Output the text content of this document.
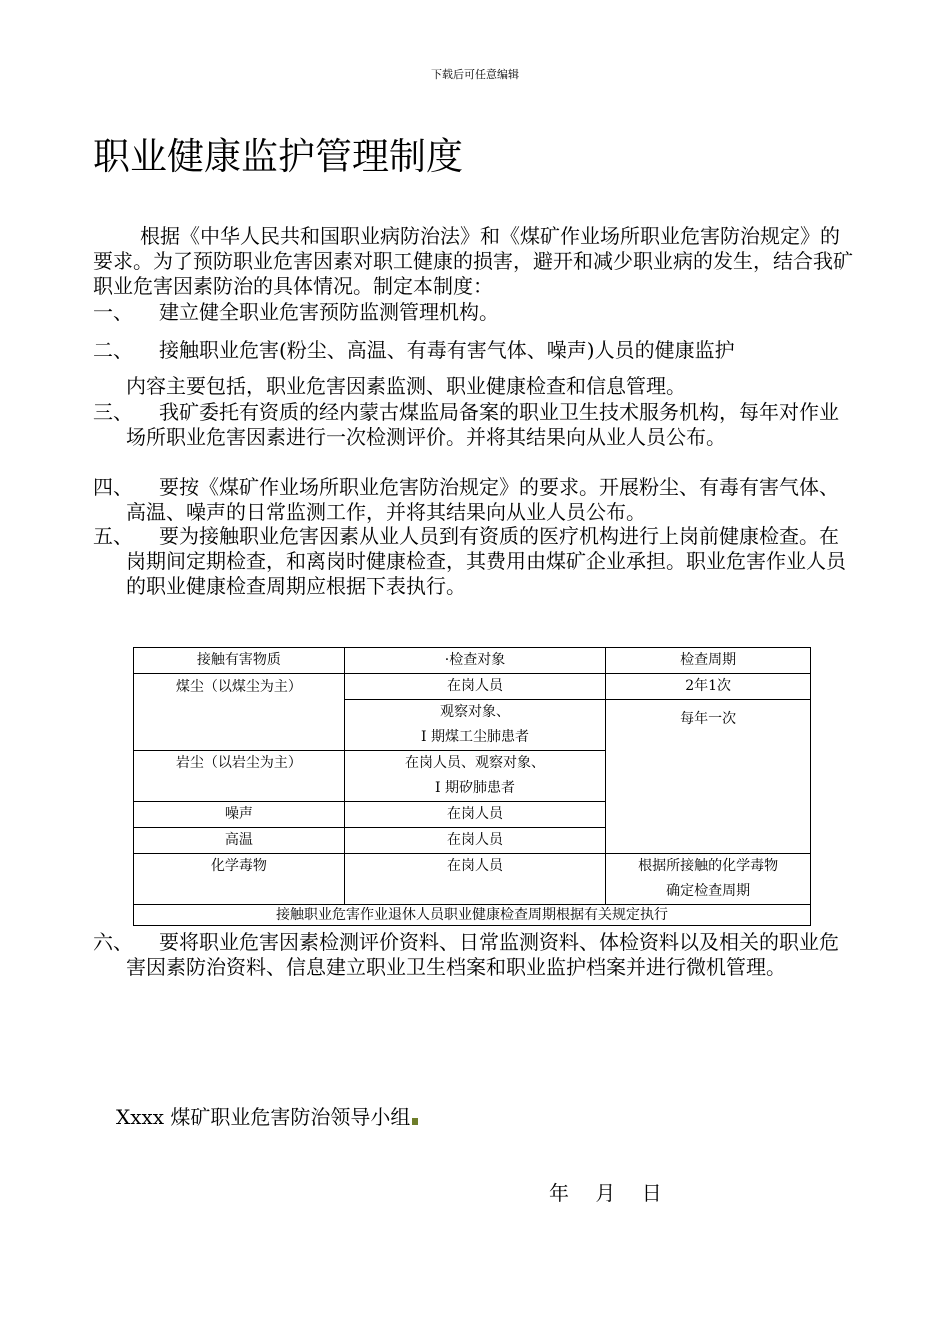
下载后可任意编辑
职业健康监护管理制度
根据《中华人民共和国职业病防治法》和《煤矿作业场所职业危害防治规定》的要求。为了预防职业危害因素对职工健康的损害，避开和减少职业病的发生，结合我矿职业危害因素防治的具体情况。制定本制度：
一、	建立健全职业危害预防监测管理机构。
二、	接触职业危害(粉尘、高温、有毒有害气体、噪声)人员的健康监护
内容主要包括，职业危害因素监测、职业健康检查和信息管理。
三、	我矿委托有资质的经内蒙古煤监局备案的职业卫生技术服务机构，每年对作业场所职业危害因素进行一次检测评价。并将其结果向从业人员公布。
四、	要按《煤矿作业场所职业危害防治规定》的要求。开展粉尘、有毒有害气体、高温、噪声的日常监测工作，并将其结果向从业人员公布。
五、	要为接触职业危害因素从业人员到有资质的医疗机构进行上岗前健康检查。在岗期间定期检查，和离岗时健康检查，其费用由煤矿企业承担。职业危害作业人员的职业健康检查周期应根据下表执行。
接触有害物质	·检查对象	检查周期
煤尘（以煤尘为主）	在岗人员	2年1次

	观察对象、
Ⅰ 期煤工尘肺患者	每年一次
岩尘（以岩尘为主）	在岗人员、观察对象、
Ⅰ 期矽肺患者	

噪声	在岗人员	
高温	在岗人员	
化学毒物	在岗人员	根据所接触的化学毒物
确定检查周期

接触职业危害作业退休人员职业健康检查周期根据有关规定执行		
六、	要将职业危害因素检测评价资料、日常监测资料、体检资料以及相关的职业危害因素防治资料、信息建立职业卫生档案和职业监护档案并进行微机管理。
Xxxx 煤矿职业危害防治领导小组
年 月 日
